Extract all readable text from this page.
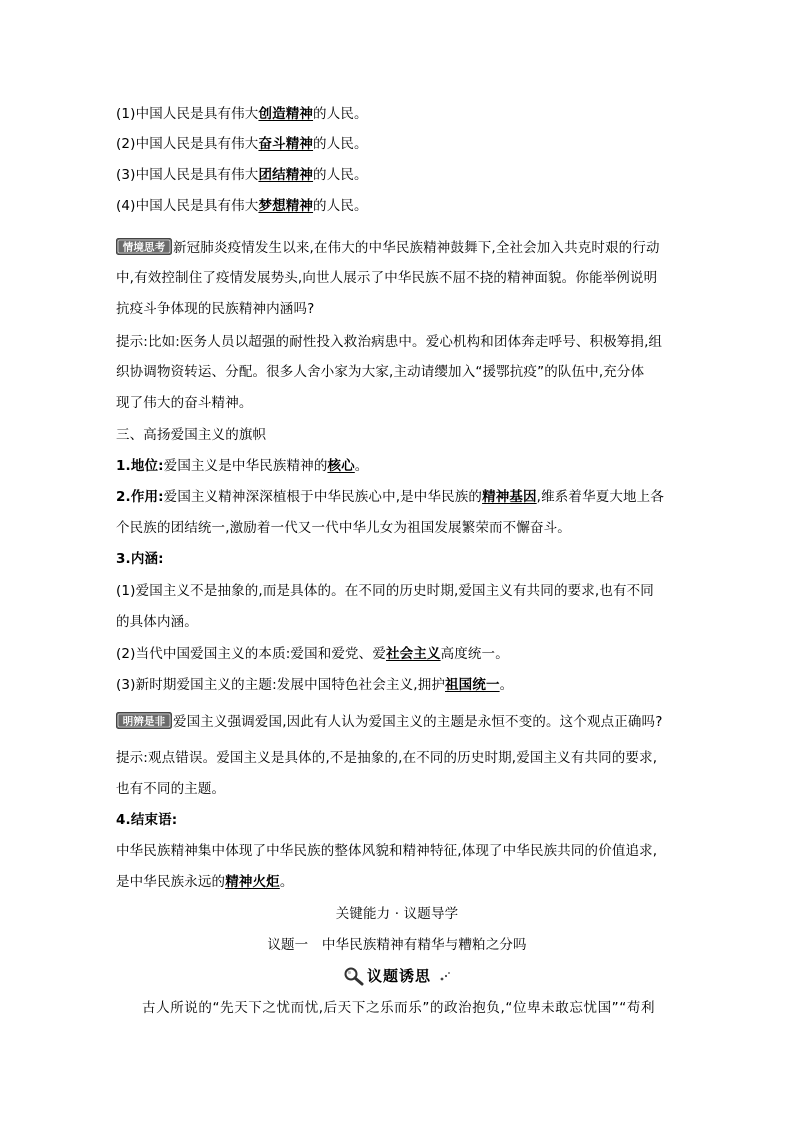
(1)中国人民是具有伟大创造精神的人民。
(2)中国人民是具有伟大奋斗精神的人民。
(3)中国人民是具有伟大团结精神的人民。
(4)中国人民是具有伟大梦想精神的人民。
情境思考 新冠肺炎疫情发生以来,在伟大的中华民族精神鼓舞下,全社会加入共克时艰的行动
中,有效控制住了疫情发展势头,向世人展示了中华民族不屈不挠的精神面貌。你能举例说明
抗疫斗争体现的民族精神内涵吗?
提示:比如:医务人员以超强的耐性投入救治病患中。爱心机构和团体奔走呼号、积极筹捐,组
织协调物资转运、分配。很多人舍小家为大家,主动请缨加入“援鄂抗疫”的队伍中,充分体
现了伟大的奋斗精神。
三、高扬爱国主义的旗帜
1.地位:爱国主义是中华民族精神的核心。
2.作用:爱国主义精神深深植根于中华民族心中,是中华民族的精神基因,维系着华夏大地上各
个民族的团结统一,激励着一代又一代中华儿女为祖国发展繁荣而不懈奋斗。
3.内涵:
(1)爱国主义不是抽象的,而是具体的。在不同的历史时期,爱国主义有共同的要求,也有不同
的具体内涵。
(2)当代中国爱国主义的本质:爱国和爱党、爱社会主义高度统一。
(3)新时期爱国主义的主题:发展中国特色社会主义,拥护祖国统一。
明辨是非 爱国主义强调爱国,因此有人认为爱国主义的主题是永恒不变的。这个观点正确吗?
提示:观点错误。爱国主义是具体的,不是抽象的,在不同的历史时期,爱国主义有共同的要求,
也有不同的主题。
4.结束语:
中华民族精神集中体现了中华民族的整体风貌和精神特征,体现了中华民族共同的价值追求,
是中华民族永远的精神火炬。
关键能力 · 议题导学
议题一　中华民族精神有精华与糟粕之分吗
议题诱思
古人所说的“先天下之忧而忧,后天下之乐而乐”的政治抱负,“位卑未敢忘忧国”“苟利
